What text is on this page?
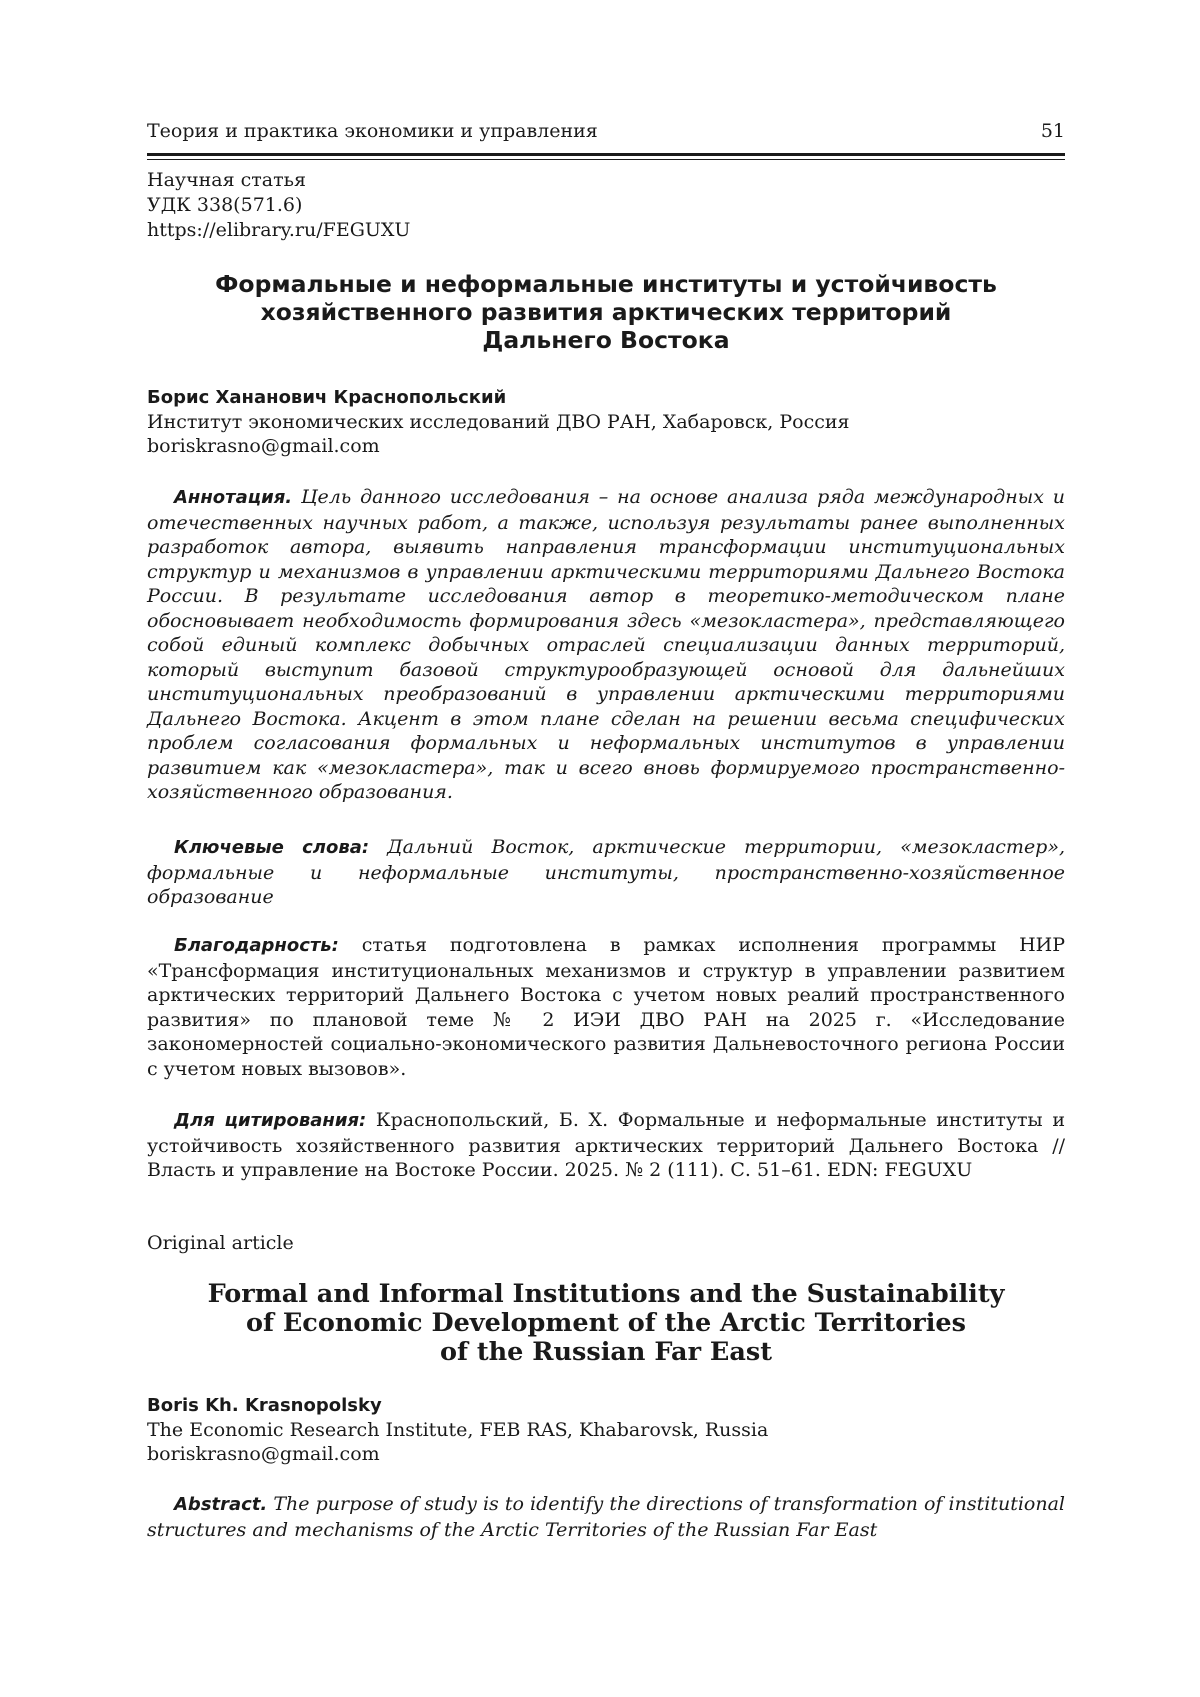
Теория и практика экономики и управления	51
Научная статья
УДК 338(571.6)
https://elibrary.ru/FEGUXU
Формальные и неформальные институты и устойчивость
хозяйственного развития арктических территорий
Дальнего Востока
Борис Хананович Краснопольский
Институт экономических исследований ДВО РАН, Хабаровск, Россия
boriskrasno@gmail.com

Аннотация. Цель данного исследования – на основе анализа ряда международных и отечественных научных работ, а также, используя результаты ранее выполненных разработок автора, выявить направления трансформации институциональных структур и механизмов в управлении арктическими территориями Дальнего Востока России. В результате исследования автор в теоретико-методическом плане обосновывает необходимость формирования здесь «мезокластера», представляющего собой единый комплекс добычных отраслей специализации данных территорий, который выступит базовой структурообразующей основой для дальнейших институциональных преобразований в управлении арктическими территориями Дальнего Востока. Акцент в этом плане сделан на решении весьма специфических проблем согласования формальных и неформальных институтов в управлении развитием как «мезокластера», так и всего вновь формируемого пространственно-хозяйственного образования.

Ключевые слова: Дальний Восток, арктические территории, «мезокластер», формальные и неформальные институты, пространственно-хозяйственное образование

Благодарность: статья подготовлена в рамках исполнения программы НИР «Трансформация институциональных механизмов и структур в управлении развитием арктических территорий Дальнего Востока с учетом новых реалий пространственного развития» по плановой теме № 2 ИЭИ ДВО РАН на 2025 г. «Исследование закономерностей социально-экономического развития Дальневосточного региона России с учетом новых вызовов».

Для цитирования: Краснопольский, Б. Х. Формальные и неформальные институты и устойчивость хозяйственного развития арктических территорий Дальнего Востока // Власть и управление на Востоке России. 2025. № 2 (111). С. 51–61. EDN: FEGUXU

Original article
Formal and Informal Institutions and the Sustainability
of Economic Development of the Arctic Territories
of the Russian Far East
Boris Kh. Krasnopolsky
The Economic Research Institute, FEB RAS, Khabarovsk, Russia
boriskrasno@gmail.com

Abstract. The purpose of study is to identify the directions of transformation of institutional structures and mechanisms of the Arctic Territories of the Russian Far East
